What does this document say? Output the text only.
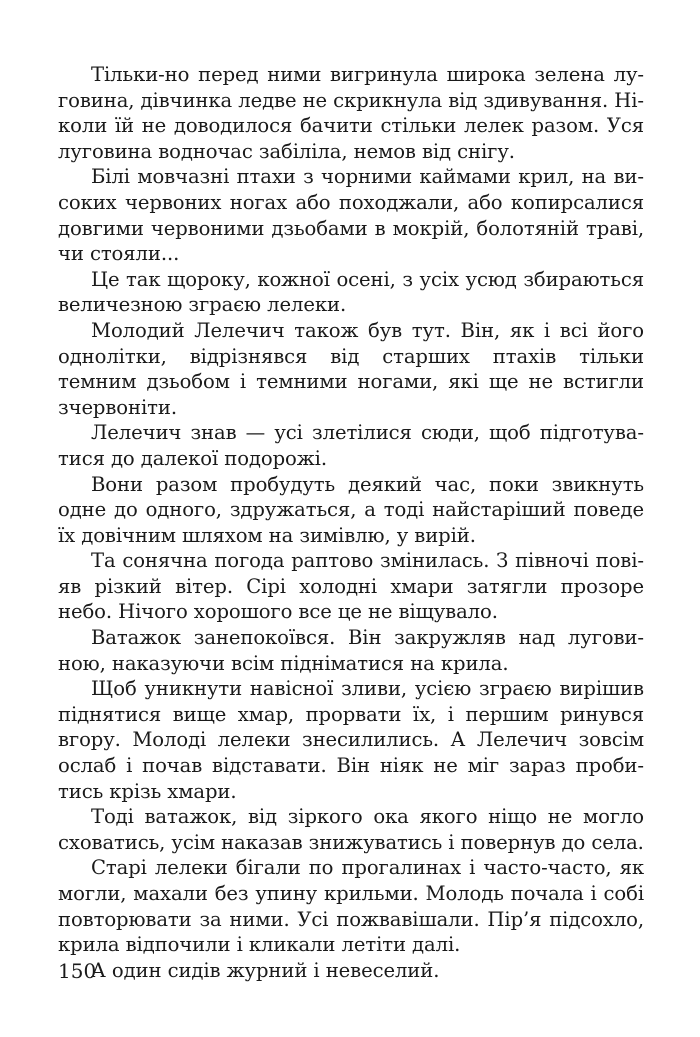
Тільки-но перед ними вигринула широка зелена луговина, дівчинка ледве не скрикнула від здивування. Ніколи їй не доводилося бачити стільки лелек разом. Уся луговина водночас забіліла, немов від снігу.

Білі мовчазні птахи з чорними каймами крил, на високих червоних ногах або походжали, або копирсалися довгими червоними дзьобами в мокрій, болотяній траві, чи стояли...

Це так щороку, кожної осені, з усіх усюд збираються величезною зграєю лелеки.

Молодий Лелечич також був тут. Він, як і всі його однолітки, відрізнявся від старших птахів тільки темним дзьобом і темними ногами, які ще не встигли зчервоніти.

Лелечич знав — усі злетілися сюди, щоб підготуватися до далекої подорожі.

Вони разом пробудуть деякий час, поки звикнуть одне до одного, здружаться, а тоді найстаріший поведе їх довічним шляхом на зимівлю, у вирій.

Та сонячна погода раптово змінилась. З півночі повіяв різкий вітер. Сірі холодні хмари затягли прозоре небо. Нічого хорошого все це не віщувало.

Ватажок занепокоївся. Він закружляв над луговиною, наказуючи всім підніматися на крила.

Щоб уникнути навісної зливи, усією зграєю вирішив піднятися вище хмар, прорвати їх, і першим ринувся вгору. Молоді лелеки знесилились. А Лелечич зовсім ослаб і почав відставати. Він ніяк не міг зараз пробитись крізь хмари.

Тоді ватажок, від зіркого ока якого ніщо не могло сховатись, усім наказав знижуватись і повернув до села.

Старі лелеки бігали по прогалинах і часто-часто, як могли, махали без упину крильми. Молодь почала і собі повторювати за ними. Усі пожвавішали. Пір’я підсохло, крила відпочили і кликали летіти далі.

А один сидів журний і невеселий.

150
